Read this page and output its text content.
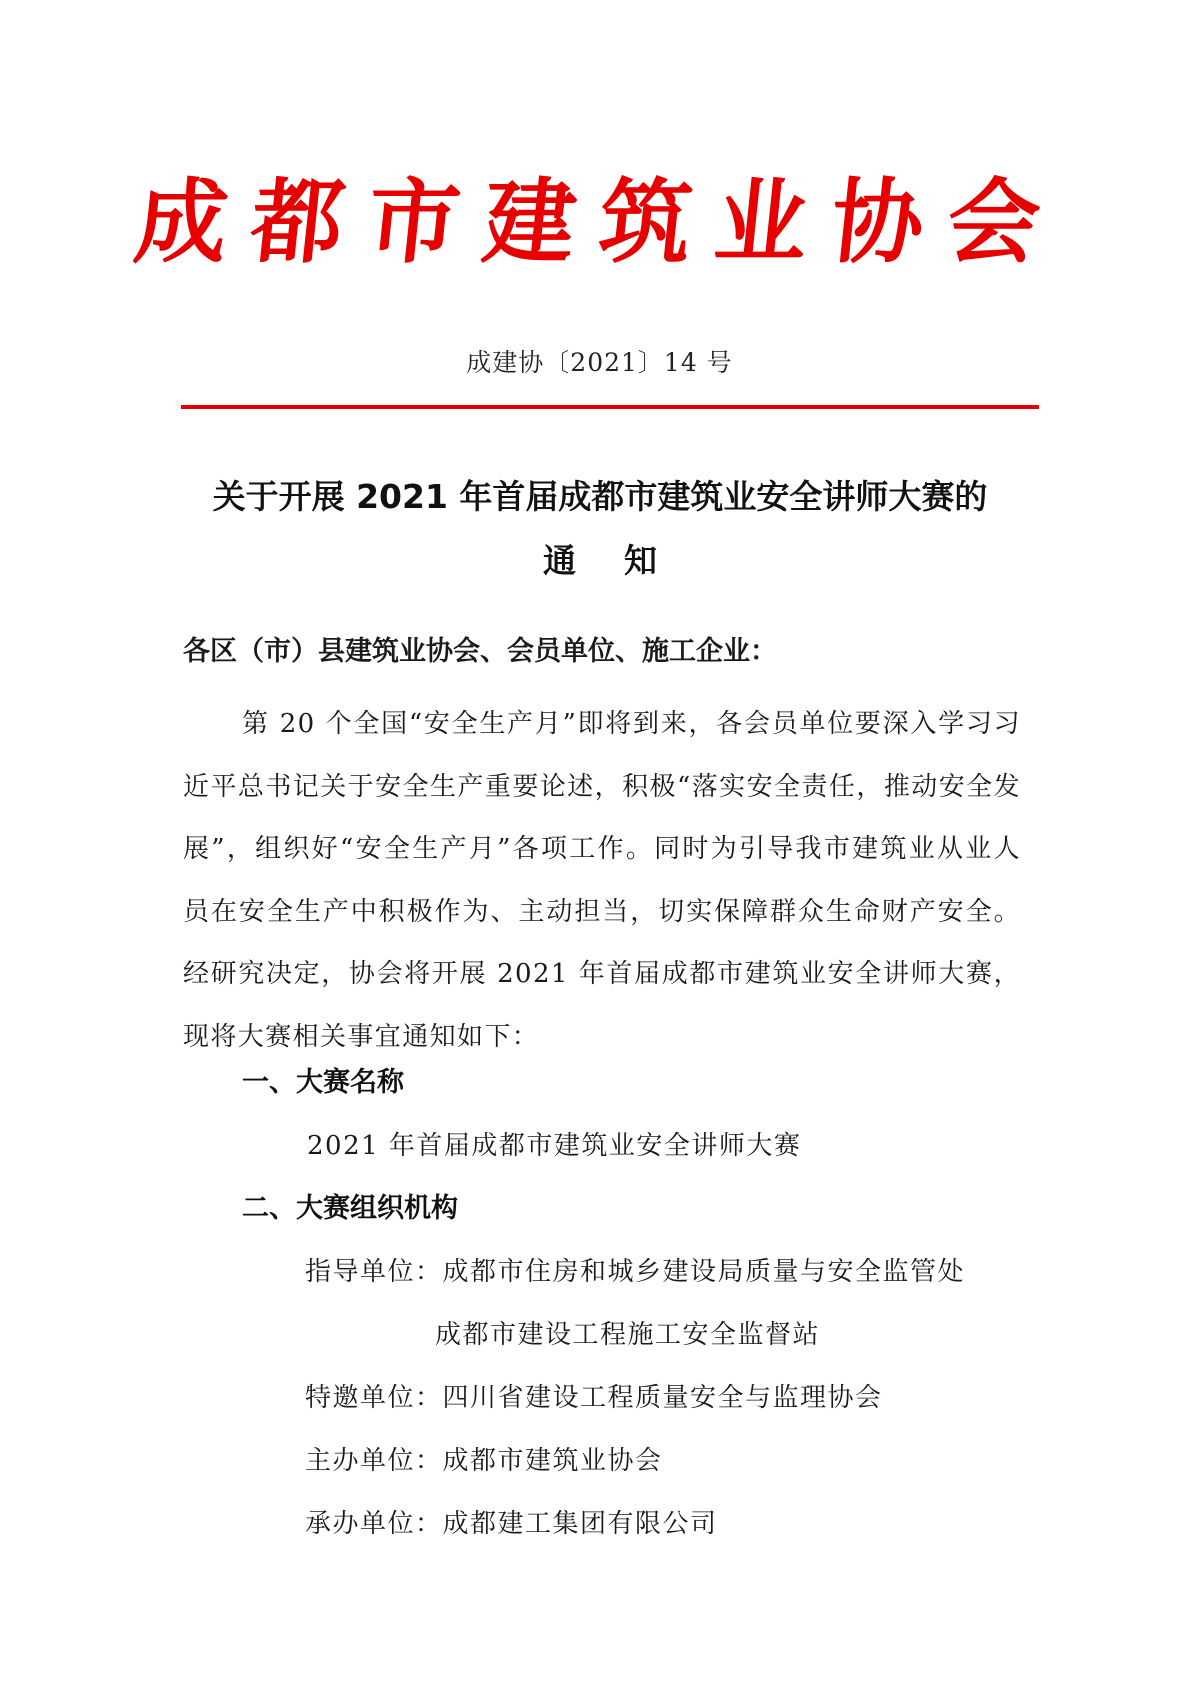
成都市建筑业协会
成建协〔2021〕14 号
关于开展 2021 年首届成都市建筑业安全讲师大赛的
通知
各区（市）县建筑业协会、会员单位、施工企业：
第 20 个全国“安全生产月”即将到来，各会员单位要深入学习习近平总书记关于安全生产重要论述，积极“落实安全责任，推动安全发展”，组织好“安全生产月”各项工作。同时为引导我市建筑业从业人员在安全生产中积极作为、主动担当，切实保障群众生命财产安全。经研究决定，协会将开展 2021 年首届成都市建筑业安全讲师大赛，现将大赛相关事宜通知如下：
一、大赛名称
2021 年首届成都市建筑业安全讲师大赛
二、大赛组织机构
指导单位：成都市住房和城乡建设局质量与安全监管处
成都市建设工程施工安全监督站
特邀单位：四川省建设工程质量安全与监理协会
主办单位：成都市建筑业协会
承办单位：成都建工集团有限公司
